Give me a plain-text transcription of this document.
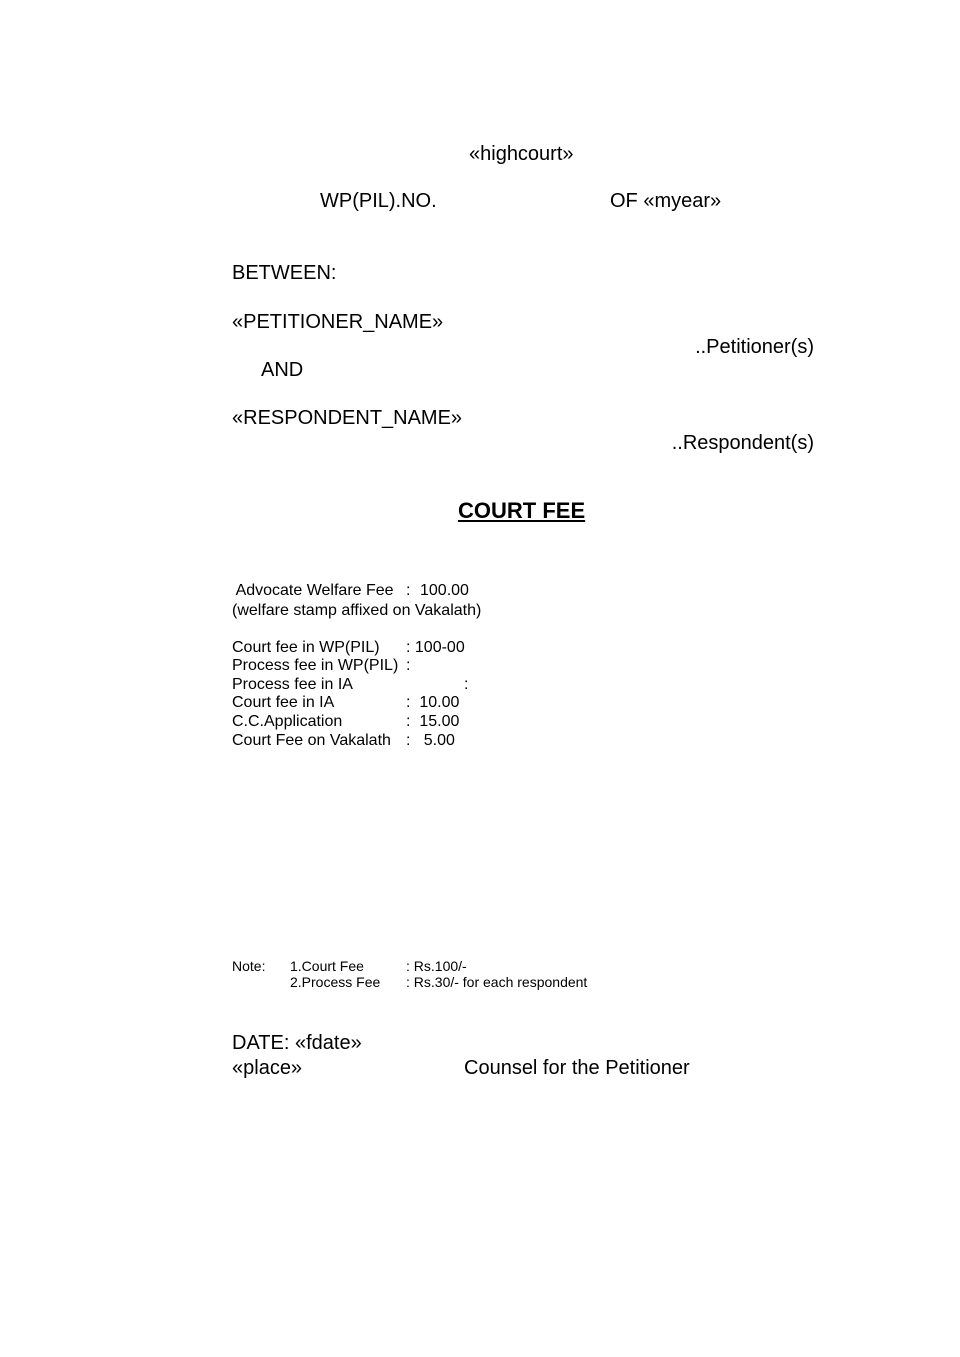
«highcourt»
WP(PIL).NO.	OF «myear»
BETWEEN:
«PETITIONER_NAME»
..Petitioner(s)
AND
«RESPONDENT_NAME»
..Respondent(s)
COURT FEE
Advocate Welfare Fee : 100.00
(welfare stamp affixed on Vakalath)
Court fee in WP(PIL) : 100-00
Process fee in WP(PIL) :
Process fee in IA	:
Court fee in IA	:  10.00
C.C.Application	:  15.00
Court Fee on Vakalath :   5.00
Note: 1.Court Fee	: Rs.100/-
2.Process Fee : Rs.30/- for each respondent
DATE: «fdate»
«place»	Counsel for the Petitioner
